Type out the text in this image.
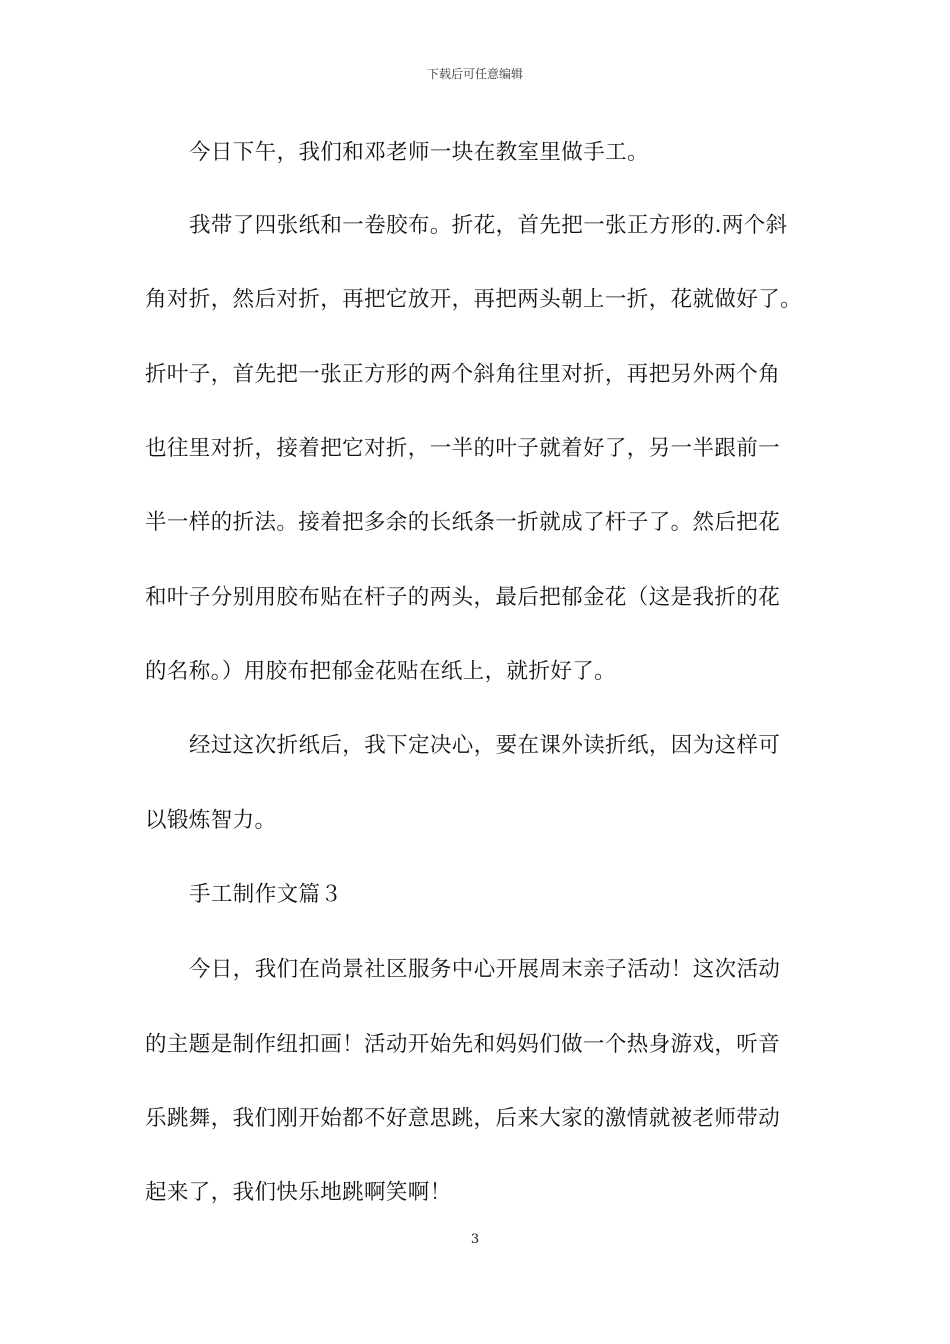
下载后可任意编辑
今日下午，我们和邓老师一块在教室里做手工。
我带了四张纸和一卷胶布。折花，首先把一张正方形的.两个斜
角对折，然后对折，再把它放开，再把两头朝上一折，花就做好了。
折叶子，首先把一张正方形的两个斜角往里对折，再把另外两个角
也往里对折，接着把它对折，一半的叶子就着好了，另一半跟前一
半一样的折法。接着把多余的长纸条一折就成了杆子了。然后把花
和叶子分别用胶布贴在杆子的两头，最后把郁金花（这是我折的花
的名称。）用胶布把郁金花贴在纸上，就折好了。
经过这次折纸后，我下定决心，要在课外读折纸，因为这样可
以锻炼智力。
手工制作文篇３
今日，我们在尚景社区服务中心开展周末亲子活动！这次活动
的主题是制作纽扣画！活动开始先和妈妈们做一个热身游戏，听音
乐跳舞，我们刚开始都不好意思跳，后来大家的激情就被老师带动
起来了，我们快乐地跳啊笑啊！
3
